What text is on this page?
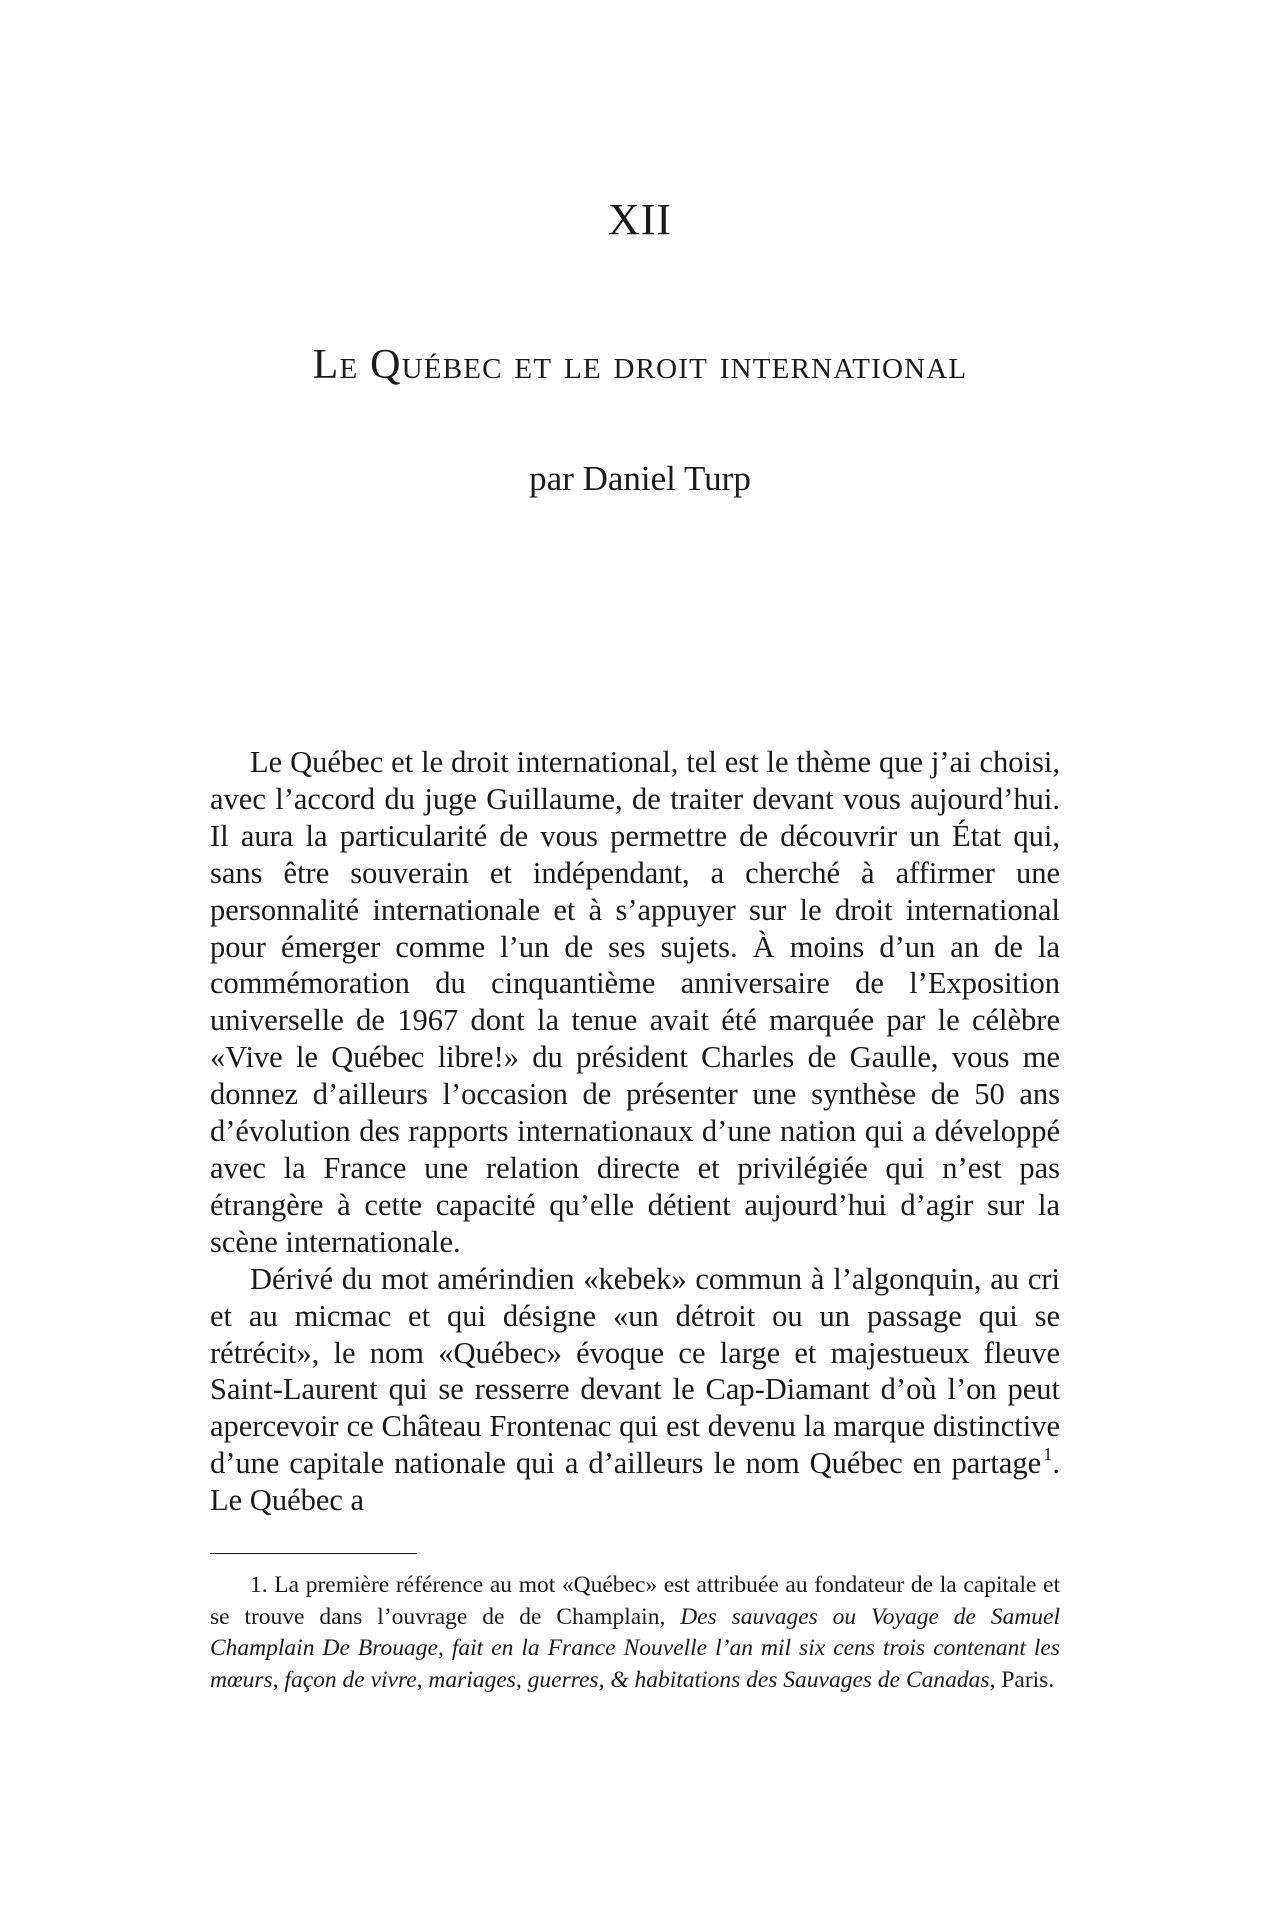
XII
Le Québec et le droit international
par Daniel Turp

Le Québec et le droit international, tel est le thème que j’ai choisi, avec l’accord du juge Guillaume, de traiter devant vous aujourd’hui. Il aura la particularité de vous permettre de découvrir un État qui, sans être souverain et indépendant, a cherché à affirmer une personnalité internationale et à s’appuyer sur le droit international pour émerger comme l’un de ses sujets. À moins d’un an de la commémoration du cinquantième anniversaire de l’Exposition universelle de 1967 dont la tenue avait été marquée par le célèbre «Vive le Québec libre!» du président Charles de Gaulle, vous me donnez d’ailleurs l’occasion de présenter une synthèse de 50 ans d’évolution des rapports internationaux d’une nation qui a développé avec la France une relation directe et privilégiée qui n’est pas étrangère à cette capacité qu’elle détient aujourd’hui d’agir sur la scène internationale.

Dérivé du mot amérindien «kebek» commun à l’algonquin, au cri et au micmac et qui désigne «un détroit ou un passage qui se rétrécit», le nom «Québec» évoque ce large et majestueux fleuve Saint-Laurent qui se resserre devant le Cap-Diamant d’où l’on peut apercevoir ce Château Frontenac qui est devenu la marque distinctive d’une capitale nationale qui a d’ailleurs le nom Québec en partage $^1$. Le Québec a

1. La première référence au mot «Québec» est attribuée au fondateur de la capitale et se trouve dans l’ouvrage de de Champlain, Des sauvages ou Voyage de Samuel Champlain De Brouage, fait en la France Nouvelle l’an mil six cens trois contenant les mœurs, façon de vivre, mariages, guerres, & habitations des Sauvages de Canadas, Paris.
